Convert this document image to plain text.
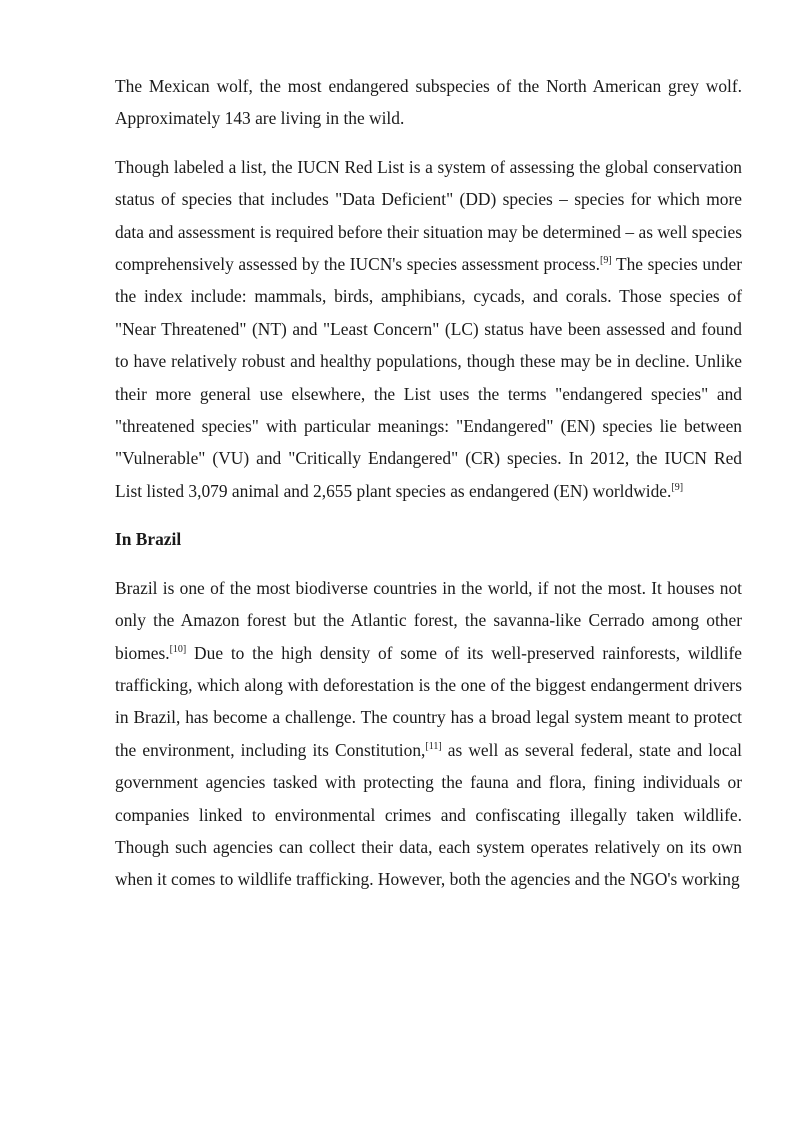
The Mexican wolf, the most endangered subspecies of the North American grey wolf. Approximately 143 are living in the wild.

Though labeled a list, the IUCN Red List is a system of assessing the global conservation status of species that includes "Data Deficient" (DD) species – species for which more data and assessment is required before their situation may be determined – as well species comprehensively assessed by the IUCN's species assessment process.[9] The species under the index include: mammals, birds, amphibians, cycads, and corals. Those species of "Near Threatened" (NT) and "Least Concern" (LC) status have been assessed and found to have relatively robust and healthy populations, though these may be in decline. Unlike their more general use elsewhere, the List uses the terms "endangered species" and "threatened species" with particular meanings: "Endangered" (EN) species lie between "Vulnerable" (VU) and "Critically Endangered" (CR) species. In 2012, the IUCN Red List listed 3,079 animal and 2,655 plant species as endangered (EN) worldwide.[9]

In Brazil

Brazil is one of the most biodiverse countries in the world, if not the most. It houses not only the Amazon forest but the Atlantic forest, the savanna-like Cerrado among other biomes.[10] Due to the high density of some of its well-preserved rainforests, wildlife trafficking, which along with deforestation is the one of the biggest endangerment drivers in Brazil, has become a challenge. The country has a broad legal system meant to protect the environment, including its Constitution,[11] as well as several federal, state and local government agencies tasked with protecting the fauna and flora, fining individuals or companies linked to environmental crimes and confiscating illegally taken wildlife. Though such agencies can collect their data, each system operates relatively on its own when it comes to wildlife trafficking. However, both the agencies and the NGO's working
